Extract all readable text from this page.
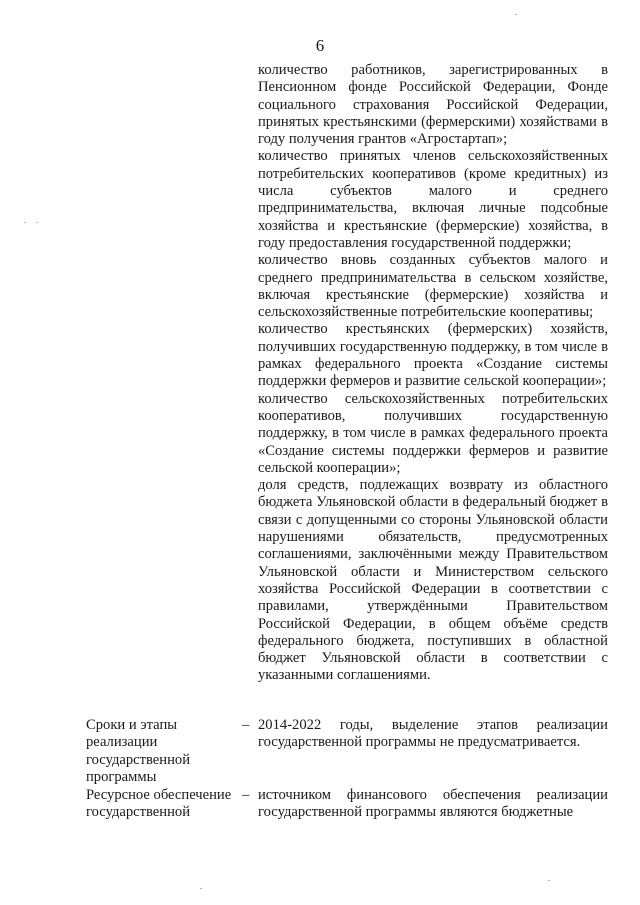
6

количество работников, зарегистрированных в Пенсионном фонде Российской Федерации, Фонде социального страхования Российской Федерации, принятых крестьянскими (фермерскими) хозяйствами в году получения грантов «Агростартап»;

количество принятых членов сельскохозяйственных потребительских кооперативов (кроме кредитных) из числа субъектов малого и среднего предпринимательства, включая личные подсобные хозяйства и крестьянские (фермерские) хозяйства, в году предоставления государственной поддержки;

количество вновь созданных субъектов малого и среднего предпринимательства в сельском хозяйстве, включая крестьянские (фермерские) хозяйства и сельскохозяйственные потребительские кооперативы;

количество крестьянских (фермерских) хозяйств, получивших государственную поддержку, в том числе в рамках федерального проекта «Создание системы поддержки фермеров и развитие сельской кооперации»;

количество сельскохозяйственных потребительских кооперативов, получивших государственную поддержку, в том числе в рамках федерального проекта «Создание системы поддержки фермеров и развитие сельской кооперации»;

доля средств, подлежащих возврату из областного бюджета Ульяновской области в федеральный бюджет в связи с допущенными со стороны Ульяновской области нарушениями обязательств, предусмотренных соглашениями, заключёнными между Правительством Ульяновской области и Министерством сельского хозяйства Российской Федерации в соответствии с правилами, утверждёнными Правительством Российской Федерации, в общем объёме средств федерального бюджета, поступивших в областной бюджет Ульяновской области в соответствии с указанными соглашениями.

Сроки и этапы реализации государственной программы
– 2014-2022 годы, выделение этапов реализации государственной программы не предусматривается.
Ресурсное обеспечение государственной
– источником финансового обеспечения реализации государственной программы являются бюджетные
